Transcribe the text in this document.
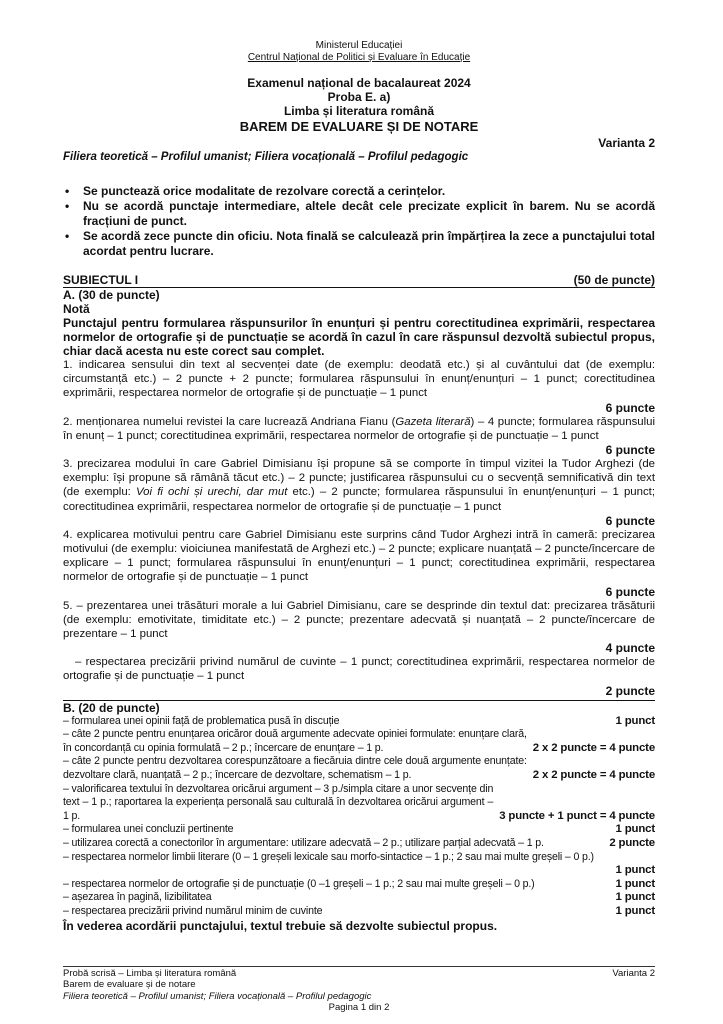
Ministerul Educației
Centrul Național de Politici și Evaluare în Educație
Examenul național de bacalaureat 2024
Proba E. a)
Limba și literatura română
BAREM DE EVALUARE ȘI DE NOTARE
Varianta 2
Filiera teoretică – Profilul umanist; Filiera vocațională – Profilul pedagogic
• Se punctează orice modalitate de rezolvare corectă a cerințelor.
• Nu se acordă punctaje intermediare, altele decât cele precizate explicit în barem. Nu se acordă fracțiuni de punct.
• Se acordă zece puncte din oficiu. Nota finală se calculează prin împărțirea la zece a punctajului total acordat pentru lucrare.
SUBIECTUL I	(50 de puncte)
A. (30 de puncte)
Notă
Punctajul pentru formularea răspunsurilor în enunțuri și pentru corectitudinea exprimării, respectarea normelor de ortografie și de punctuație se acordă în cazul în care răspunsul dezvoltă subiectul propus, chiar dacă acesta nu este corect sau complet.
1. indicarea sensului din text al secvenței date (de exemplu: deodată etc.) și al cuvântului dat (de exemplu: circumstanță etc.) – 2 puncte + 2 puncte; formularea răspunsului în enunț/enunțuri – 1 punct; corectitudinea exprimării, respectarea normelor de ortografie și de punctuație – 1 punct
6 puncte
2. menționarea numelui revistei la care lucrează Andriana Fianu (Gazeta literară) – 4 puncte; formularea răspunsului în enunț – 1 punct; corectitudinea exprimării, respectarea normelor de ortografie și de punctuație – 1 punct
6 puncte
3. precizarea modului în care Gabriel Dimisianu își propune să se comporte în timpul vizitei la Tudor Arghezi (de exemplu: își propune să rămână tăcut etc.) – 2 puncte; justificarea răspunsului cu o secvență semnificativă din text (de exemplu: Voi fi ochi și urechi, dar mut etc.) – 2 puncte; formularea răspunsului în enunț/enunțuri – 1 punct; corectitudinea exprimării, respectarea normelor de ortografie și de punctuație – 1 punct
6 puncte
4. explicarea motivului pentru care Gabriel Dimisianu este surprins când Tudor Arghezi intră în cameră: precizarea motivului (de exemplu: vioiciunea manifestată de Arghezi etc.) – 2 puncte; explicare nuanțată – 2 puncte/încercare de explicare – 1 punct; formularea răspunsului în enunț/enunțuri – 1 punct; corectitudinea exprimării, respectarea normelor de ortografie și de punctuație – 1 punct
6 puncte
5. – prezentarea unei trăsături morale a lui Gabriel Dimisianu, care se desprinde din textul dat: precizarea trăsăturii (de exemplu: emotivitate, timiditate etc.) – 2 puncte; prezentare adecvată și nuanțată – 2 puncte/încercare de prezentare – 1 punct
4 puncte
– respectarea precizării privind numărul de cuvinte – 1 punct; corectitudinea exprimării, respectarea normelor de ortografie și de punctuație – 1 punct
2 puncte
B. (20 de puncte)
– formularea unei opinii față de problematica pusă în discuție	1 punct
– câte 2 puncte pentru enunțarea oricăror două argumente adecvate opiniei formulate: enunțare clară, în concordanță cu opinia formulată – 2 p.; încercare de enunțare – 1 p.	2 x 2 puncte = 4 puncte
– câte 2 puncte pentru dezvoltarea corespunzătoare a fiecăruia dintre cele două argumente enunțate: dezvoltare clară, nuanțată – 2 p.; încercare de dezvoltare, schematism – 1 p.	2 x 2 puncte = 4 puncte
– valorificarea textului în dezvoltarea oricărui argument – 3 p./simpla citare a unor secvențe din text – 1 p.; raportarea la experiența personală sau culturală în dezvoltarea oricărui argument – 1 p.	3 puncte + 1 punct = 4 puncte
– formularea unei concluzii pertinente	1 punct
– utilizarea corectă a conectorilor în argumentare: utilizare adecvată – 2 p.; utilizare parțial adecvată – 1 p.	2 puncte
– respectarea normelor limbii literare (0 – 1 greșeli lexicale sau morfo-sintactice – 1 p.; 2 sau mai multe greșeli – 0 p.)
1 punct
– respectarea normelor de ortografie și de punctuație (0 –1 greșeli – 1 p.; 2 sau mai multe greșeli – 0 p.)	1 punct
– așezarea în pagină, lizibilitatea	1 punct
– respectarea precizării privind numărul minim de cuvinte	1 punct
În vederea acordării punctajului, textul trebuie să dezvolte subiectul propus.
Probă scrisă – Limba și literatura română	Varianta 2
Barem de evaluare și de notare
Filiera teoretică – Profilul umanist; Filiera vocațională – Profilul pedagogic
Pagina 1 din 2
